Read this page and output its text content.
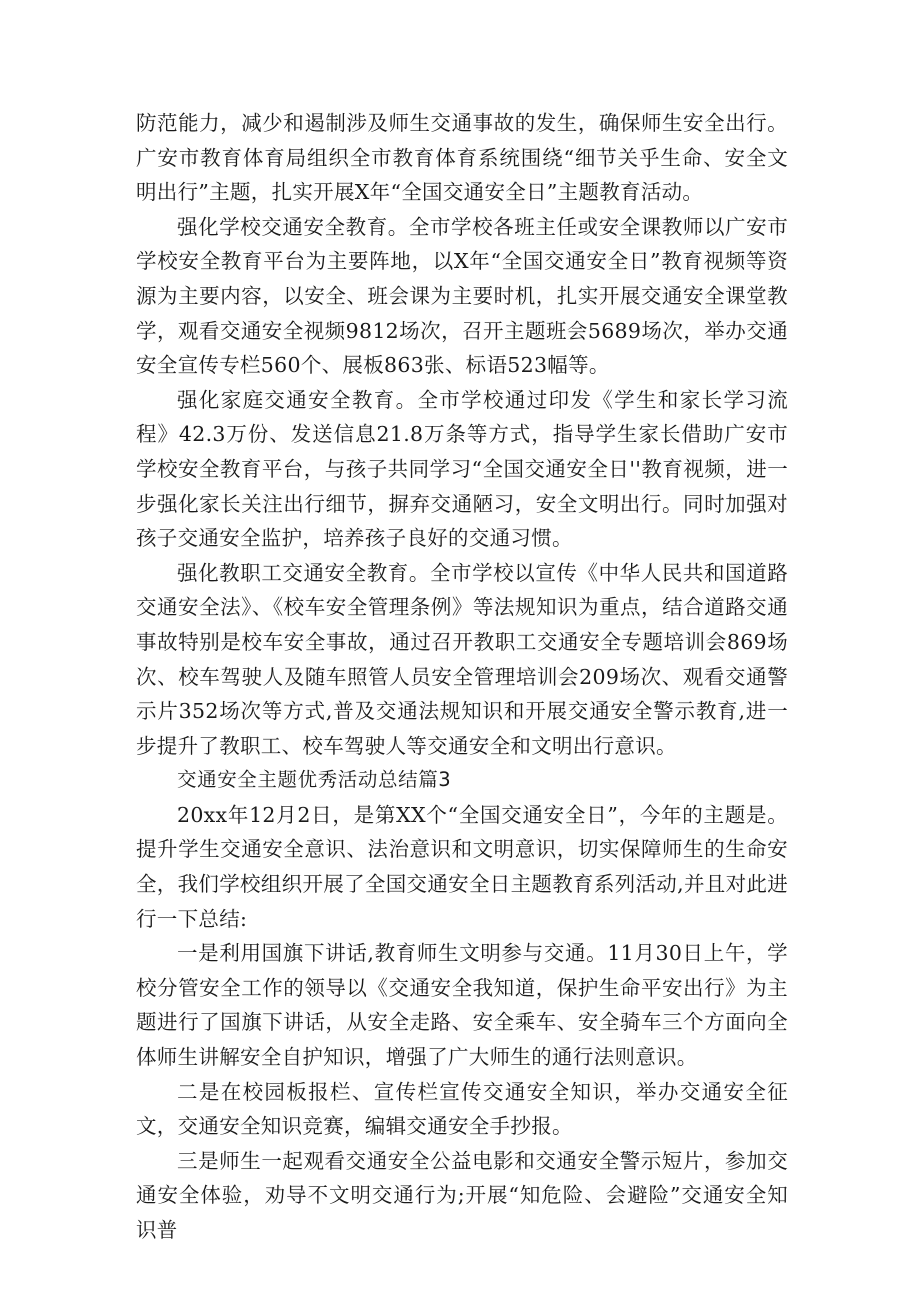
防范能力，减少和遏制涉及师生交通事故的发生，确保师生安全出行。广安市教育体育局组织全市教育体育系统围绕“细节关乎生命、安全文明出行”主题，扎实开展X年“全国交通安全日”主题教育活动。

强化学校交通安全教育。全市学校各班主任或安全课教师以广安市学校安全教育平台为主要阵地，以X年“全国交通安全日”教育视频等资源为主要内容，以安全、班会课为主要时机，扎实开展交通安全课堂教学，观看交通安全视频9812场次，召开主题班会5689场次，举办交通安全宣传专栏560个、展板863张、标语523幅等。

强化家庭交通安全教育。全市学校通过印发《学生和家长学习流程》42.3万份、发送信息21.8万条等方式，指导学生家长借助广安市学校安全教育平台，与孩子共同学习“全国交通安全日''教育视频，进一步强化家长关注出行细节，摒弃交通陋习，安全文明出行。同时加强对孩子交通安全监护，培养孩子良好的交通习惯。

强化教职工交通安全教育。全市学校以宣传《中华人民共和国道路交通安全法》、《校车安全管理条例》等法规知识为重点，结合道路交通事故特别是校车安全事故，通过召开教职工交通安全专题培训会869场次、校车驾驶人及随车照管人员安全管理培训会209场次、观看交通警示片352场次等方式,普及交通法规知识和开展交通安全警示教育,进一步提升了教职工、校车驾驶人等交通安全和文明出行意识。

交通安全主题优秀活动总结篇3

20xx年12月2日，是第XX个“全国交通安全日”，今年的主题是。提升学生交通安全意识、法治意识和文明意识，切实保障师生的生命安全，我们学校组织开展了全国交通安全日主题教育系列活动,并且对此进行一下总结:

一是利用国旗下讲话,教育师生文明参与交通。11月30日上午，学校分管安全工作的领导以《交通安全我知道，保护生命平安出行》为主题进行了国旗下讲话，从安全走路、安全乘车、安全骑车三个方面向全体师生讲解安全自护知识，增强了广大师生的通行法则意识。

二是在校园板报栏、宣传栏宣传交通安全知识，举办交通安全征文，交通安全知识竞赛，编辑交通安全手抄报。

三是师生一起观看交通安全公益电影和交通安全警示短片，参加交通安全体验，劝导不文明交通行为;开展“知危险、会避险”交通安全知识普
